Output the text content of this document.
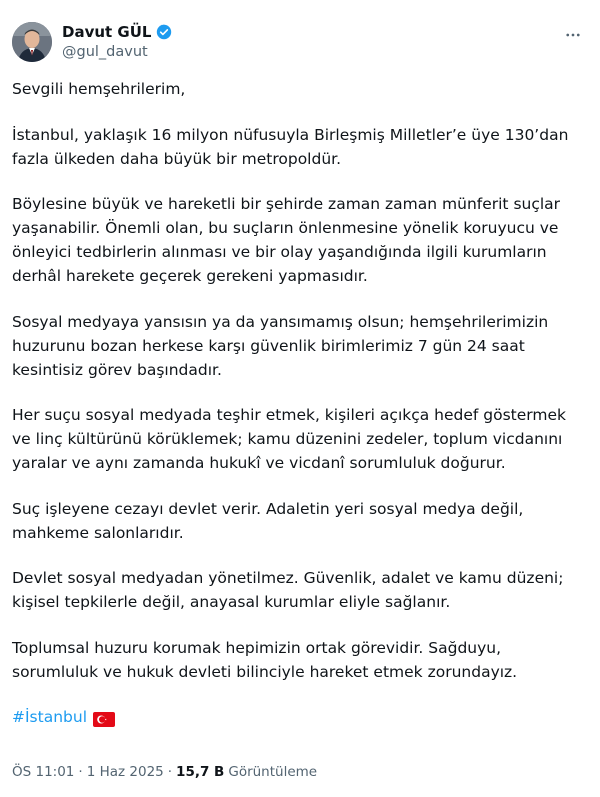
Davut GÜL
@gul_davut

Sevgili hemşehrilerim,

İstanbul, yaklaşık 16 milyon nüfusuyla Birleşmiş Milletler’e üye 130’dan
fazla ülkeden daha büyük bir metropoldür.

Böylesine büyük ve hareketli bir şehirde zaman zaman münferit suçlar
yaşanabilir. Önemli olan, bu suçların önlenmesine yönelik koruyucu ve
önleyici tedbirlerin alınması ve bir olay yaşandığında ilgili kurumların
derhâl harekete geçerek gerekeni yapmasıdır.

Sosyal medyaya yansısın ya da yansımamış olsun; hemşehrilerimizin
huzurunu bozan herkese karşı güvenlik birimlerimiz 7 gün 24 saat
kesintisiz görev başındadır.

Her suçu sosyal medyada teşhir etmek, kişileri açıkça hedef göstermek
ve linç kültürünü körüklemek; kamu düzenini zedeler, toplum vicdanını
yaralar ve aynı zamanda hukukî ve vicdanî sorumluluk doğurur.

Suç işleyene cezayı devlet verir. Adaletin yeri sosyal medya değil,
mahkeme salonlarıdır.

Devlet sosyal medyadan yönetilmez. Güvenlik, adalet ve kamu düzeni;
kişisel tepkilerle değil, anayasal kurumlar eliyle sağlanır.

Toplumsal huzuru korumak hepimizin ortak görevidir. Sağduyu,
sorumluluk ve hukuk devleti bilinciyle hareket etmek zorundayız.

#İstanbul
ÖS 11:01 · 1 Haz 2025 · 15,7 B Görüntüleme
